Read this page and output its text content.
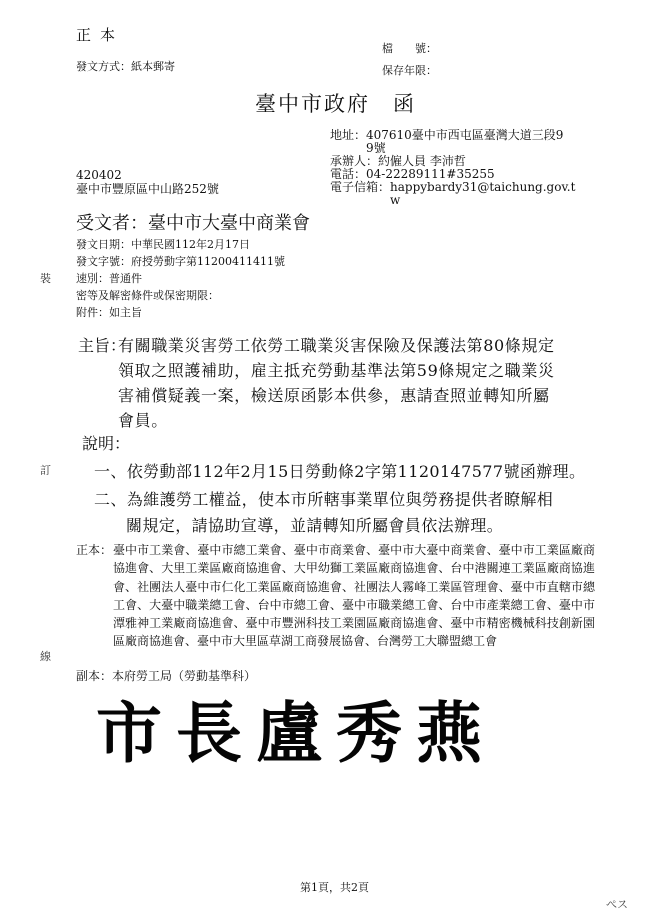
正本
發文方式：紙本郵寄
檔　　號：
保存年限：
臺中市政府　函
地址：407610臺中市西屯區臺灣大道三段9
9號
承辦人：約僱人員 李沛哲
電話：04-22289111#35255
電子信箱：happybardy31@taichung.gov.t
w
420402
臺中市豐原區中山路252號
受文者：臺中市大臺中商業會
發文日期：中華民國112年2月17日
發文字號：府授勞動字第11200411411號
速別：普通件
密等及解密條件或保密期限：
附件：如主旨
主旨：
有關職業災害勞工依勞工職業災害保險及保護法第80條規定
領取之照護補助，雇主抵充勞動基準法第59條規定之職業災
害補償疑義一案，檢送原函影本供參，惠請查照並轉知所屬
會員。
說明：
一、依勞動部112年2月15日勞動條2字第1120147577號函辦理。
二、為維護勞工權益，使本市所轄事業單位與勞務提供者瞭解相
關規定，請協助宣導，並請轉知所屬會員依法辦理。
正本： 臺中市工業會、臺中市總工業會、臺中市商業會、臺中市大臺中商業會、臺中市工業區廠商協進會、大里工業區廠商協進會、大甲幼獅工業區廠商協進會、台中港關連工業區廠商協進會、社團法人臺中市仁化工業區廠商協進會、社團法人霧峰工業區管理會、臺中市直轄市總工會、大臺中職業總工會、台中市總工會、臺中市職業總工會、台中市產業總工會、臺中市潭雅神工業廠商協進會、臺中市豐洲科技工業園區廠商協進會、臺中市精密機械科技創新園區廠商協進會、臺中市大里區草湖工商發展協會、台灣勞工大聯盟總工會
副本：本府勞工局（勞動基準科）
裝
訂
線
市長盧秀燕
第1頁，共2頁
ぺス
